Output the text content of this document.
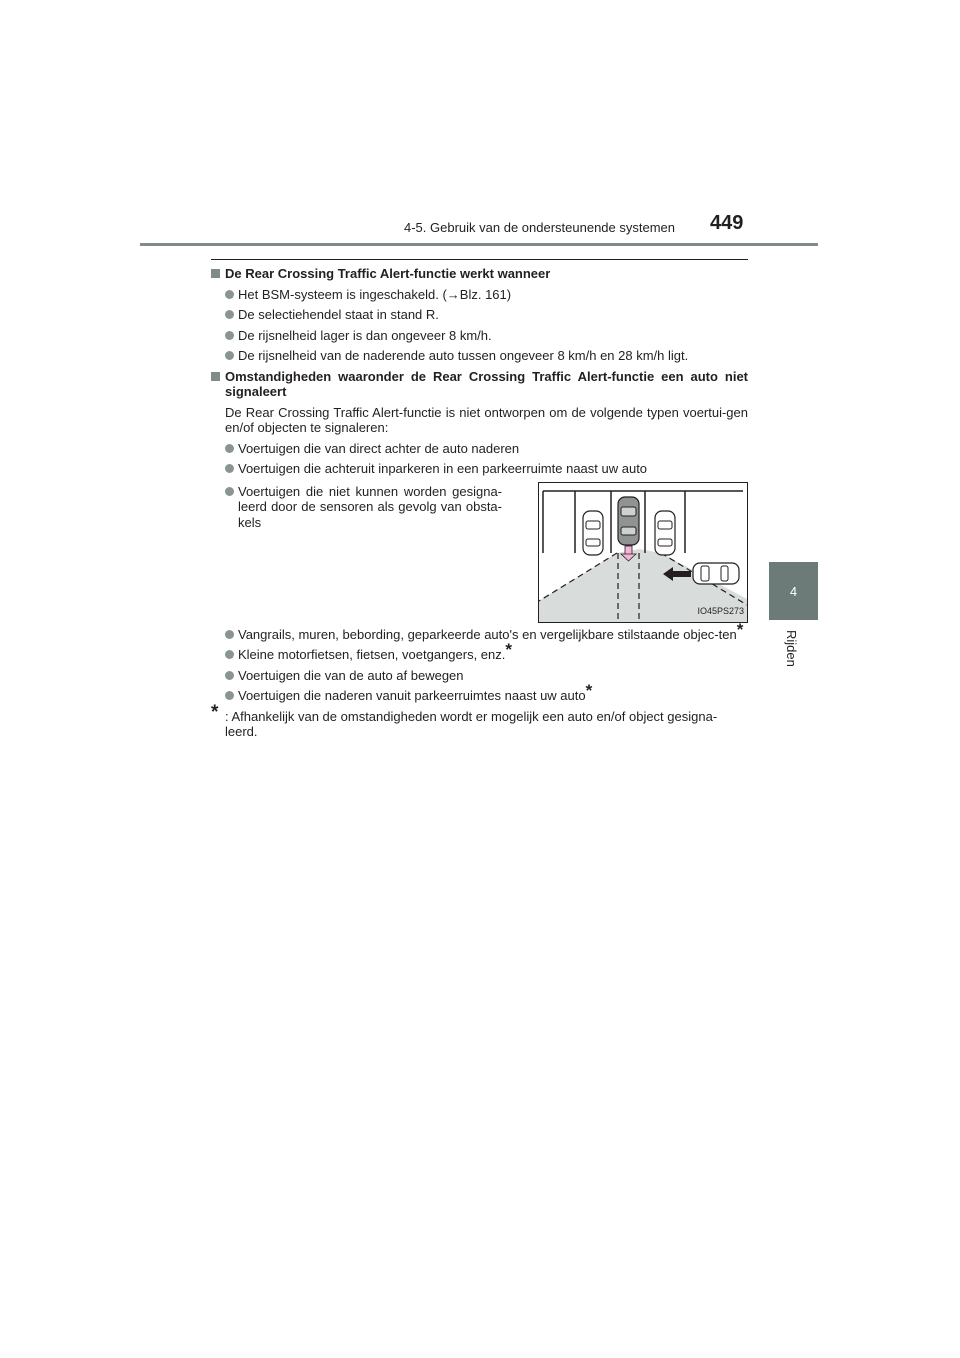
4-5. Gebruik van de ondersteunende systemen	449
4
Rijden
De Rear Crossing Traffic Alert-functie werkt wanneer
Het BSM-systeem is ingeschakeld. (→Blz. 161)
De selectiehendel staat in stand R.
De rijsnelheid lager is dan ongeveer 8 km/h.
De rijsnelheid van de naderende auto tussen ongeveer 8 km/h en 28 km/h ligt.
Omstandigheden waaronder de Rear Crossing Traffic Alert-functie een auto niet signaleert
De Rear Crossing Traffic Alert-functie is niet ontworpen om de volgende typen voertui-gen en/of objecten te signaleren:
Voertuigen die van direct achter de auto naderen
Voertuigen die achteruit inparkeren in een parkeerruimte naast uw auto
Voertuigen die niet kunnen worden gesigna-leerd door de sensoren als gevolg van obsta-kels
IO45PS273
Vangrails, muren, bebording, geparkeerde auto's en vergelijkbare stilstaande objec-ten*
Kleine motorfietsen, fietsen, voetgangers, enz.*
Voertuigen die van de auto af bewegen
Voertuigen die naderen vanuit parkeerruimtes naast uw auto*
* : Afhankelijk van de omstandigheden wordt er mogelijk een auto en/of object gesigna-leerd.
